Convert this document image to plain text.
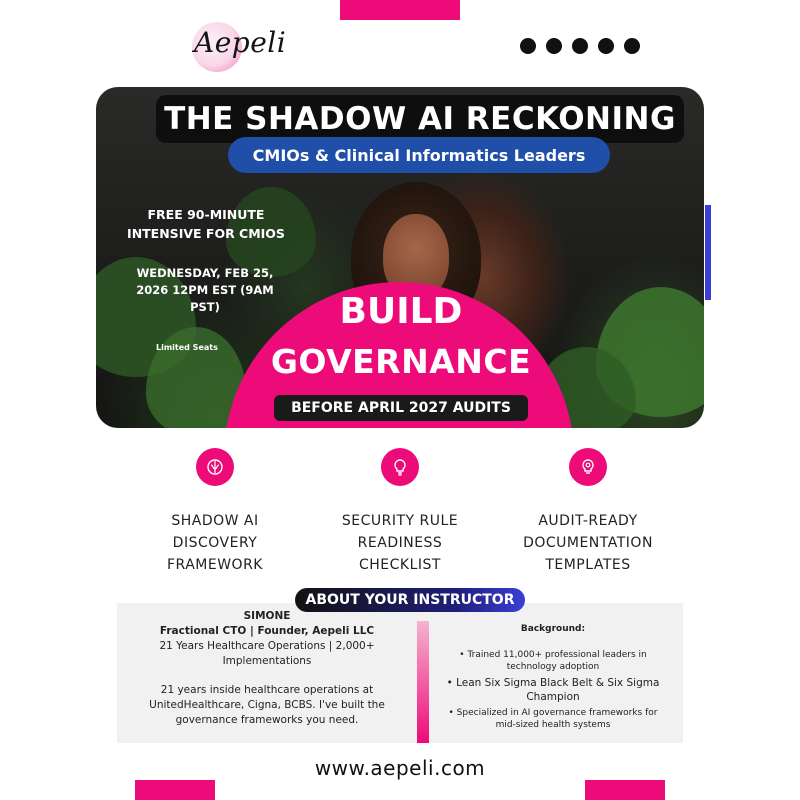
Aepeli
THE SHADOW AI RECKONING
CMIOs & Clinical Informatics Leaders
FREE 90-MINUTE
INTENSIVE FOR CMIOS
WEDNESDAY, FEB 25,
2026 12PM EST (9AM
PST)
Limited Seats
BUILD
GOVERNANCE
BEFORE APRIL 2027 AUDITS
SHADOW AI
DISCOVERY
FRAMEWORK
SECURITY RULE
READINESS
CHECKLIST
AUDIT-READY
DOCUMENTATION
TEMPLATES
SIMONE
Fractional CTO | Founder, Aepeli LLC
21 Years Healthcare Operations | 2,000+
Implementations
21 years inside healthcare operations at
UnitedHealthcare, Cigna, BCBS. I've built the
governance frameworks you need.
Background:
• Trained 11,000+ professional leaders in
technology adoption
• Lean Six Sigma Black Belt & Six Sigma
Champion
• Specialized in AI governance frameworks for
mid-sized health systems
ABOUT YOUR INSTRUCTOR
www.aepeli.com
